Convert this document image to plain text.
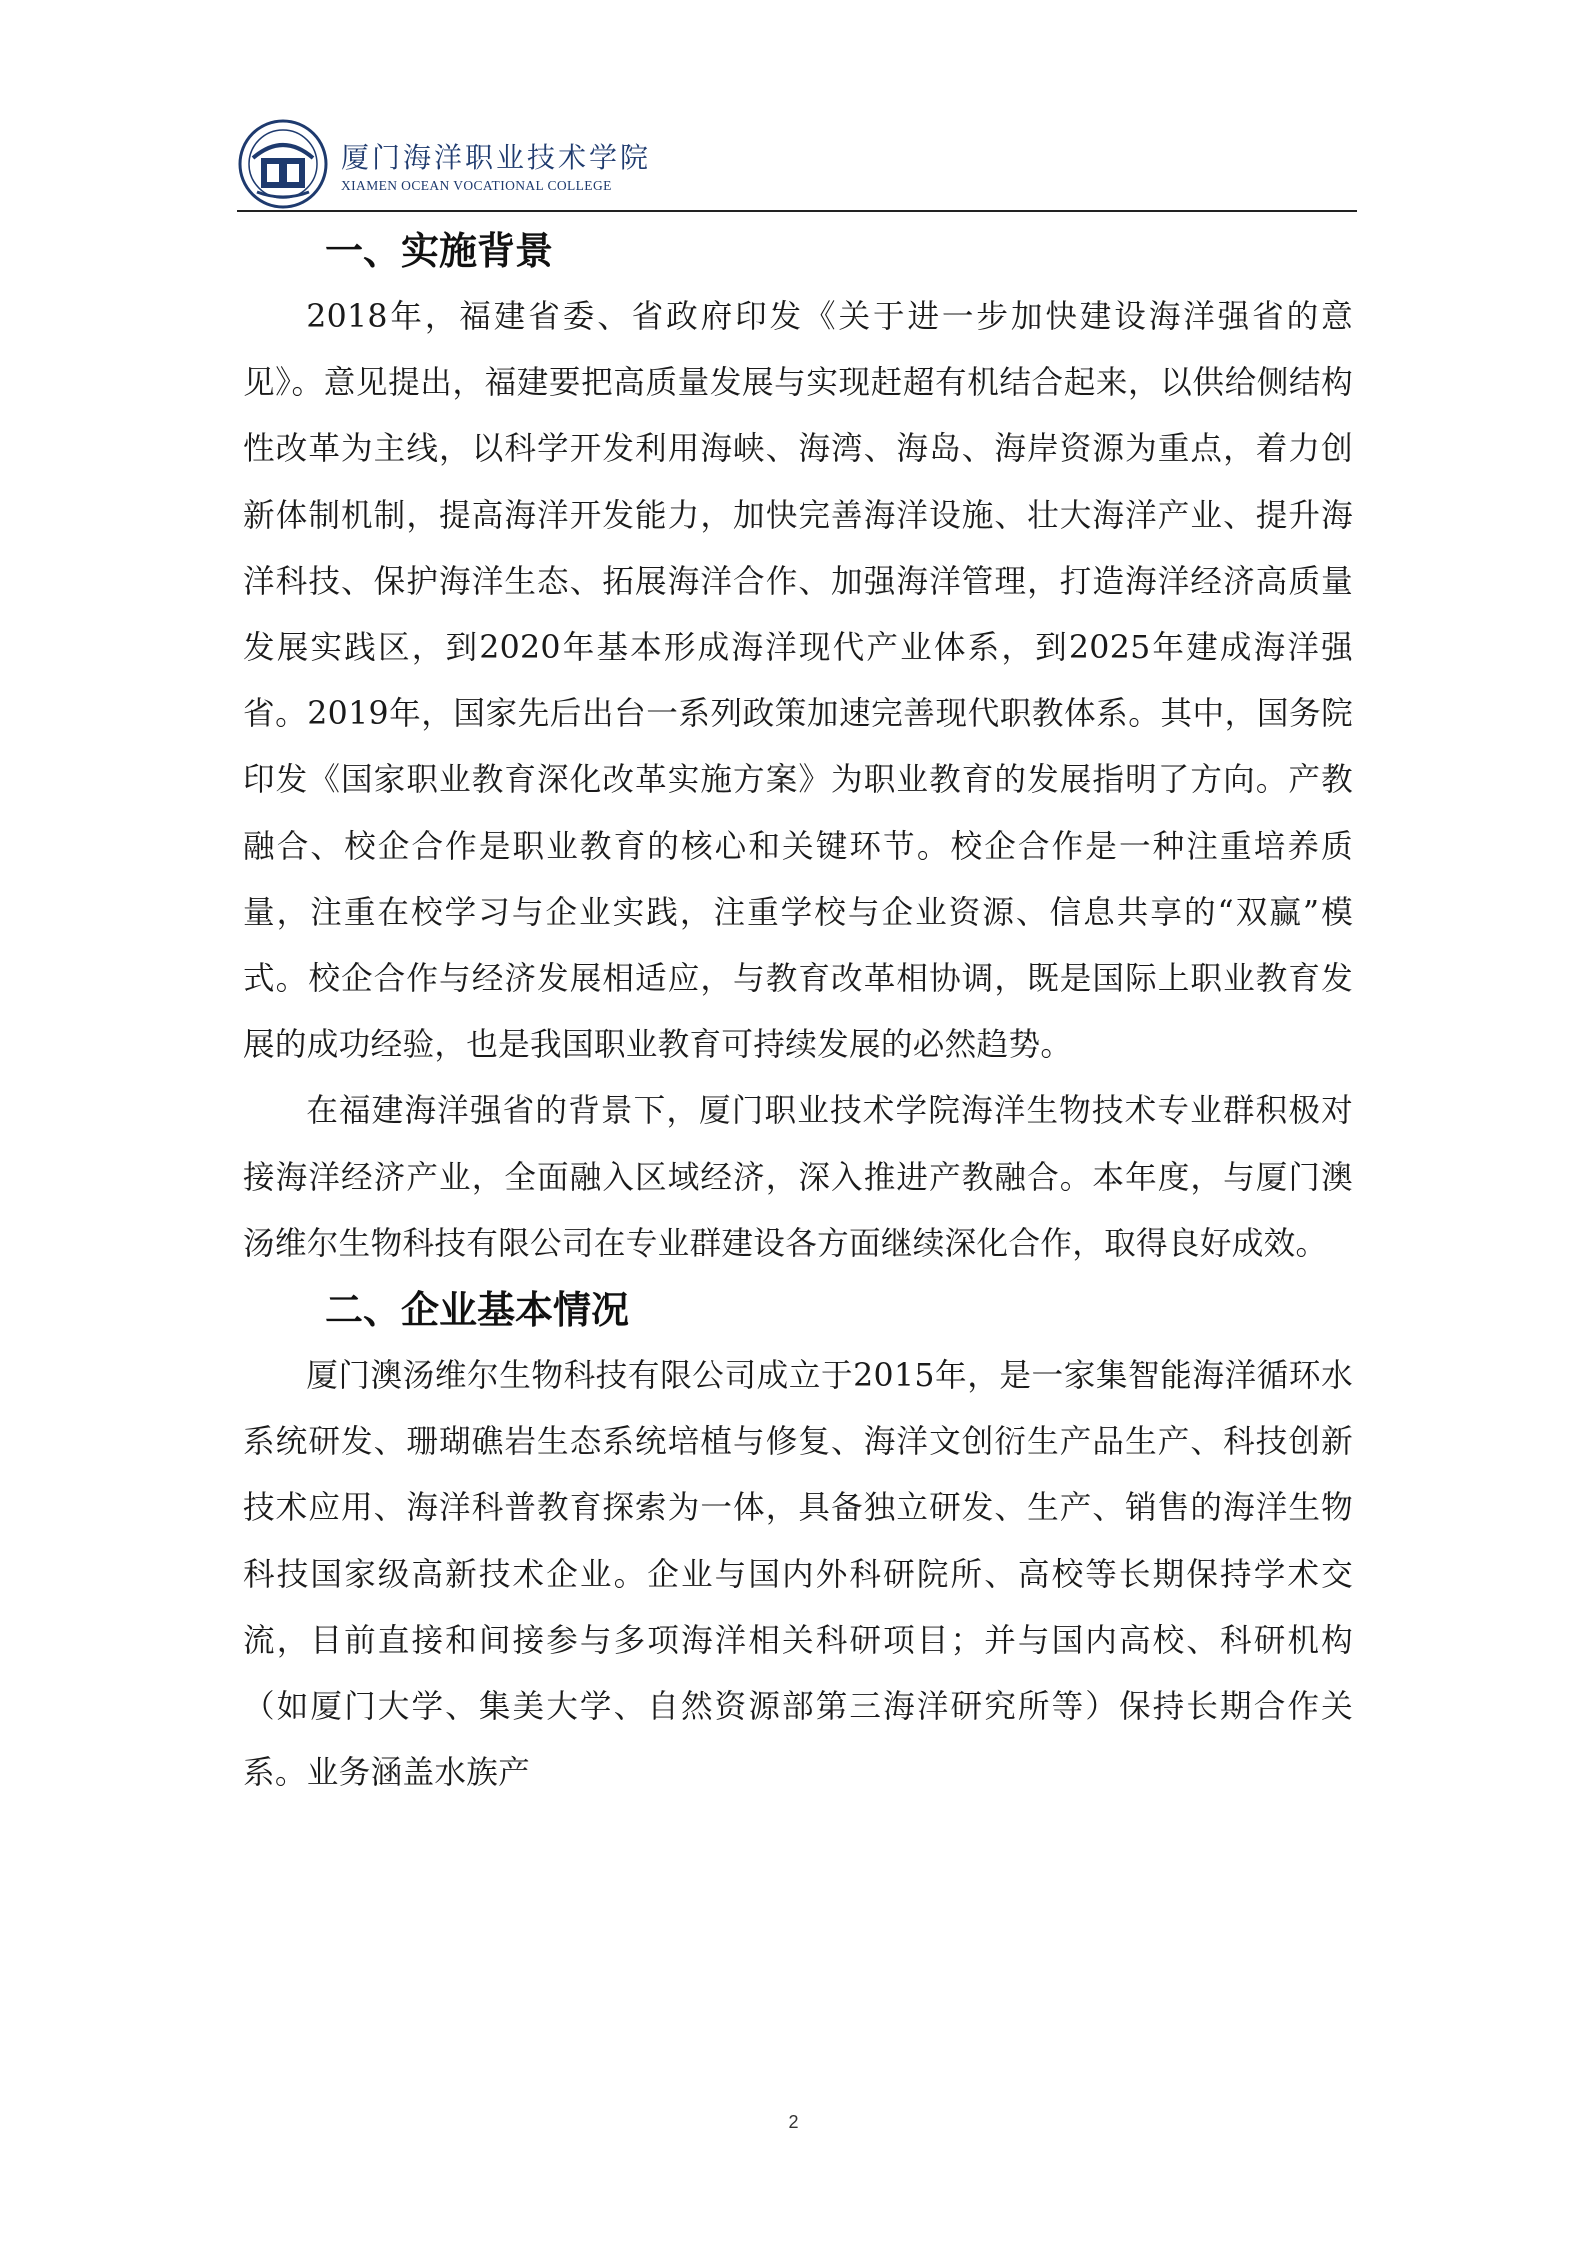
厦门海洋职业技术学院
XIAMEN OCEAN VOCATIONAL COLLEGE
一、实施背景

2018年，福建省委、省政府印发《关于进一步加快建设海洋强省的意见》。意见提出，福建要把高质量发展与实现赶超有机结合起来，以供给侧结构性改革为主线，以科学开发利用海峡、海湾、海岛、海岸资源为重点，着力创新体制机制，提高海洋开发能力，加快完善海洋设施、壮大海洋产业、提升海洋科技、保护海洋生态、拓展海洋合作、加强海洋管理，打造海洋经济高质量发展实践区，到2020年基本形成海洋现代产业体系，到2025年建成海洋强省。2019年，国家先后出台一系列政策加速完善现代职教体系。其中，国务院印发《国家职业教育深化改革实施方案》为职业教育的发展指明了方向。产教融合、校企合作是职业教育的核心和关键环节。校企合作是一种注重培养质量，注重在校学习与企业实践，注重学校与企业资源、信息共享的“双赢”模式。校企合作与经济发展相适应，与教育改革相协调，既是国际上职业教育发展的成功经验，也是我国职业教育可持续发展的必然趋势。

在福建海洋强省的背景下，厦门职业技术学院海洋生物技术专业群积极对接海洋经济产业，全面融入区域经济，深入推进产教融合。本年度，与厦门澳汤维尔生物科技有限公司在专业群建设各方面继续深化合作，取得良好成效。

二、企业基本情况

厦门澳汤维尔生物科技有限公司成立于2015年，是一家集智能海洋循环水系统研发、珊瑚礁岩生态系统培植与修复、海洋文创衍生产品生产、科技创新技术应用、海洋科普教育探索为一体，具备独立研发、生产、销售的海洋生物科技国家级高新技术企业。企业与国内外科研院所、高校等长期保持学术交流，目前直接和间接参与多项海洋相关科研项目；并与国内高校、科研机构（如厦门大学、集美大学、自然资源部第三海洋研究所等）保持长期合作关系。业务涵盖水族产

2
